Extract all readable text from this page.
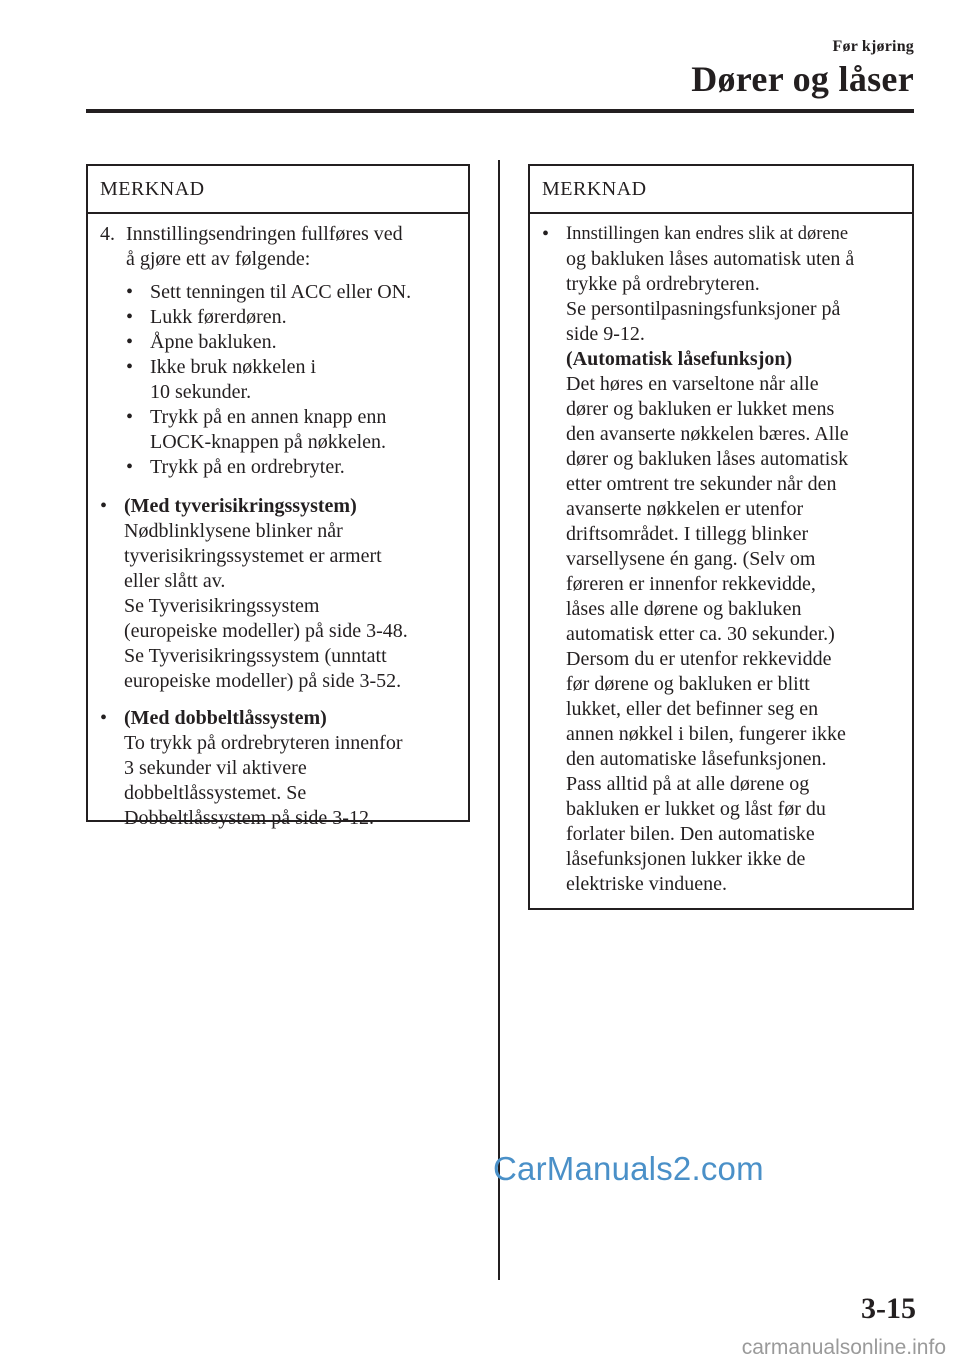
Før kjøring
Dører og låser
MERKNAD
4. Innstillingsendringen fullføres ved
å gjøre ett av følgende:
• Sett tenningen til ACC eller ON.
• Lukk førerdøren.
• Åpne bakluken.
• Ikke bruk nøkkelen i
10 sekunder.
• Trykk på en annen knapp enn
LOCK-knappen på nøkkelen.
• Trykk på en ordrebryter.
• (Med tyverisikringssystem)
Nødblinklysene blinker når
tyverisikringssystemet er armert
eller slått av.
Se Tyverisikringssystem
(europeiske modeller) på side 3-48.
Se Tyverisikringssystem (unntatt
europeiske modeller) på side 3-52.
• (Med dobbeltlåssystem)
To trykk på ordrebryteren innenfor
3 sekunder vil aktivere
dobbeltlåssystemet. Se
Dobbeltlåssystem på side 3-12.
MERKNAD
• Innstillingen kan endres slik at dørene
og bakluken låses automatisk uten å
trykke på ordrebryteren.
Se persontilpasningsfunksjoner på
side 9-12.
(Automatisk låsefunksjon)
Det høres en varseltone når alle
dører og bakluken er lukket mens
den avanserte nøkkelen bæres. Alle
dører og bakluken låses automatisk
etter omtrent tre sekunder når den
avanserte nøkkelen er utenfor
driftsområdet. I tillegg blinker
varsellysene én gang. (Selv om
føreren er innenfor rekkevidde,
låses alle dørene og bakluken
automatisk etter ca. 30 sekunder.)
Dersom du er utenfor rekkevidde
før dørene og bakluken er blitt
lukket, eller det befinner seg en
annen nøkkel i bilen, fungerer ikke
den automatiske låsefunksjonen.
Pass alltid på at alle dørene og
bakluken er lukket og låst før du
forlater bilen. Den automatiske
låsefunksjonen lukker ikke de
elektriske vinduene.
CarManuals2.com
3-15
carmanualsonline.info
